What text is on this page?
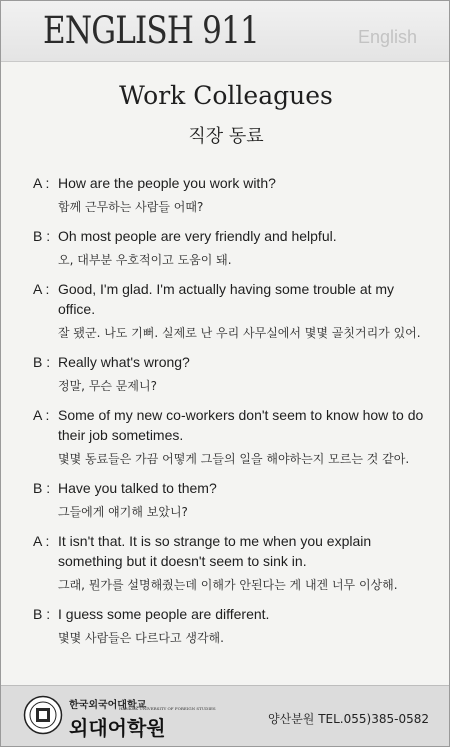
ENGLISH 911	English
Work Colleagues
직장 동료
A : How are the people you work with?
함께 근무하는 사람들 어때?
B : Oh most people are very friendly and helpful.
오, 대부분 우호적이고 도움이 돼.
A : Good, I'm glad. I'm actually having some trouble at my office.
잘 됐군. 나도 기뻐. 실제로 난 우리 사무실에서 몇몇 골칫거리가 있어.
B : Really what's wrong?
정말, 무슨 문제니?
A : Some of my new co-workers don't seem to know how to do their job sometimes.
몇몇 동료들은 가끔 어떻게 그들의 일을 해야하는지 모르는 것 같아.
B : Have you talked to them?
그들에게 얘기해 보았니?
A : It isn't that. It is so strange to me when you explain something but it doesn't seem to sink in.
그래, 뭔가를 설명해줬는데 이해가 안된다는 게 내겐 너무 이상해.
B : I guess some people are different.
몇몇 사람들은 다르다고 생각해.
한국외국어대학교
HANKUK UNIVERSITY OF FOREIGN STUDIES
외대어학원	양산분원 TEL.055)385-0582
